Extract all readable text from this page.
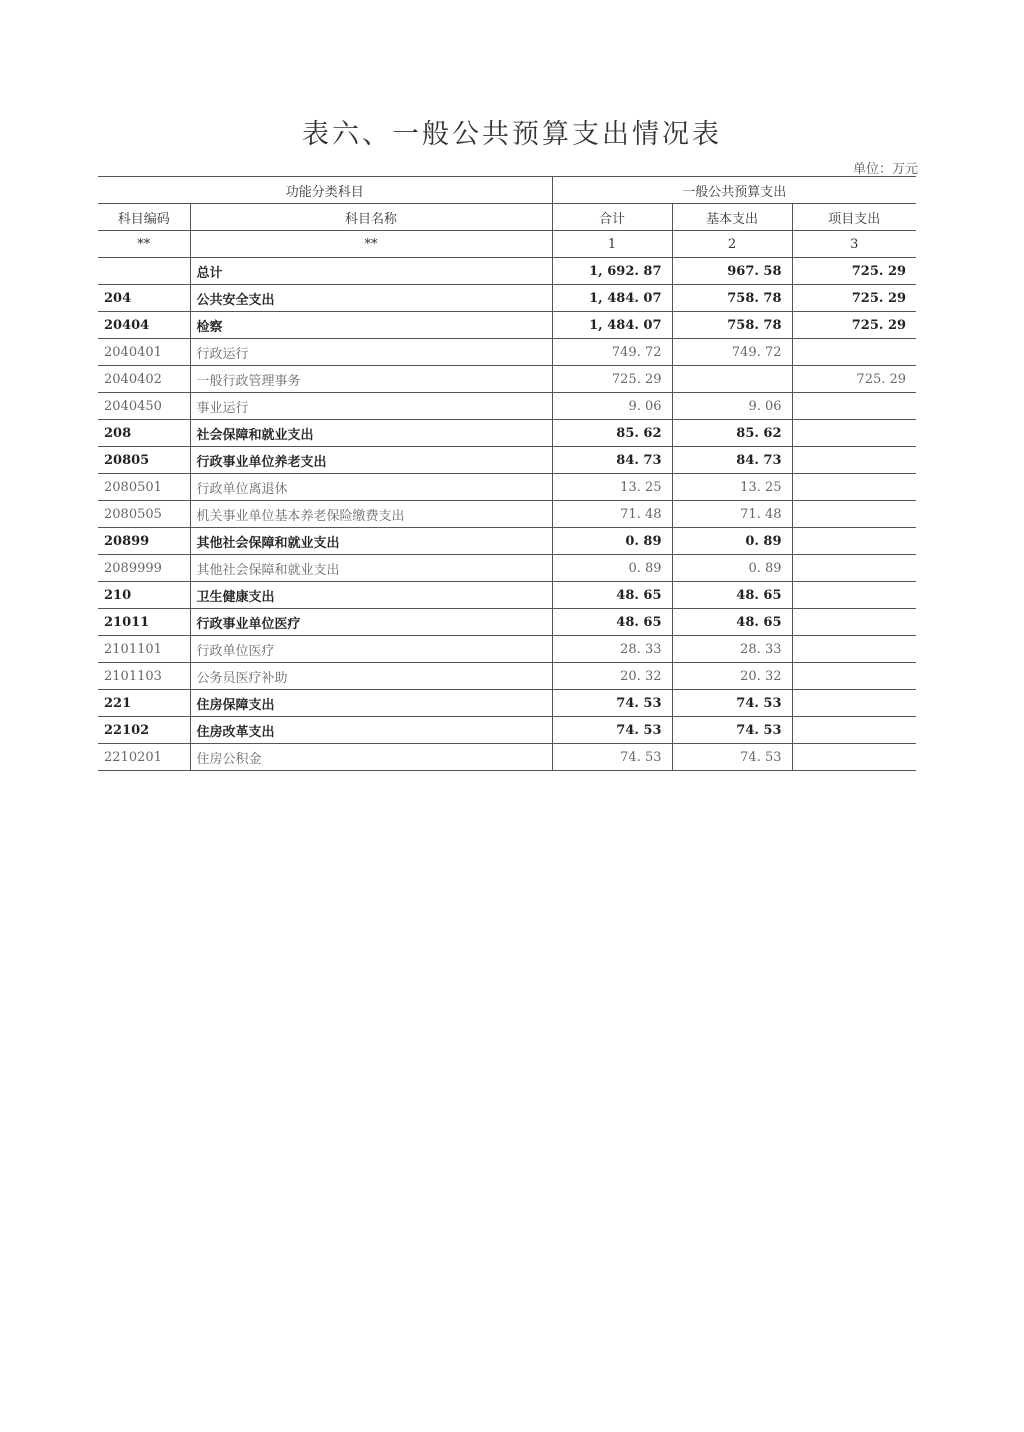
表六、一般公共预算支出情况表
单位：万元
功能分类科目		一般公共预算支出		
科目编码	科目名称	合计	基本支出	项目支出
**	**	1	2	3
	总计	1, 692. 87	967. 58	725. 29
204	公共安全支出	1, 484. 07	758. 78	725. 29
20404	检察	1, 484. 07	758. 78	725. 29
2040401	行政运行	749. 72	749. 72	
2040402	一般行政管理事务	725. 29		725. 29
2040450	事业运行	9. 06	9. 06	
208	社会保障和就业支出	85. 62	85. 62	
20805	行政事业单位养老支出	84. 73	84. 73	
2080501	行政单位离退休	13. 25	13. 25	
2080505	机关事业单位基本养老保险缴费支出	71. 48	71. 48	
20899	其他社会保障和就业支出	0. 89	0. 89	
2089999	其他社会保障和就业支出	0. 89	0. 89	
210	卫生健康支出	48. 65	48. 65	
21011	行政事业单位医疗	48. 65	48. 65	
2101101	行政单位医疗	28. 33	28. 33	
2101103	公务员医疗补助	20. 32	20. 32	
221	住房保障支出	74. 53	74. 53	
22102	住房改革支出	74. 53	74. 53	
2210201	住房公积金	74. 53	74. 53	
